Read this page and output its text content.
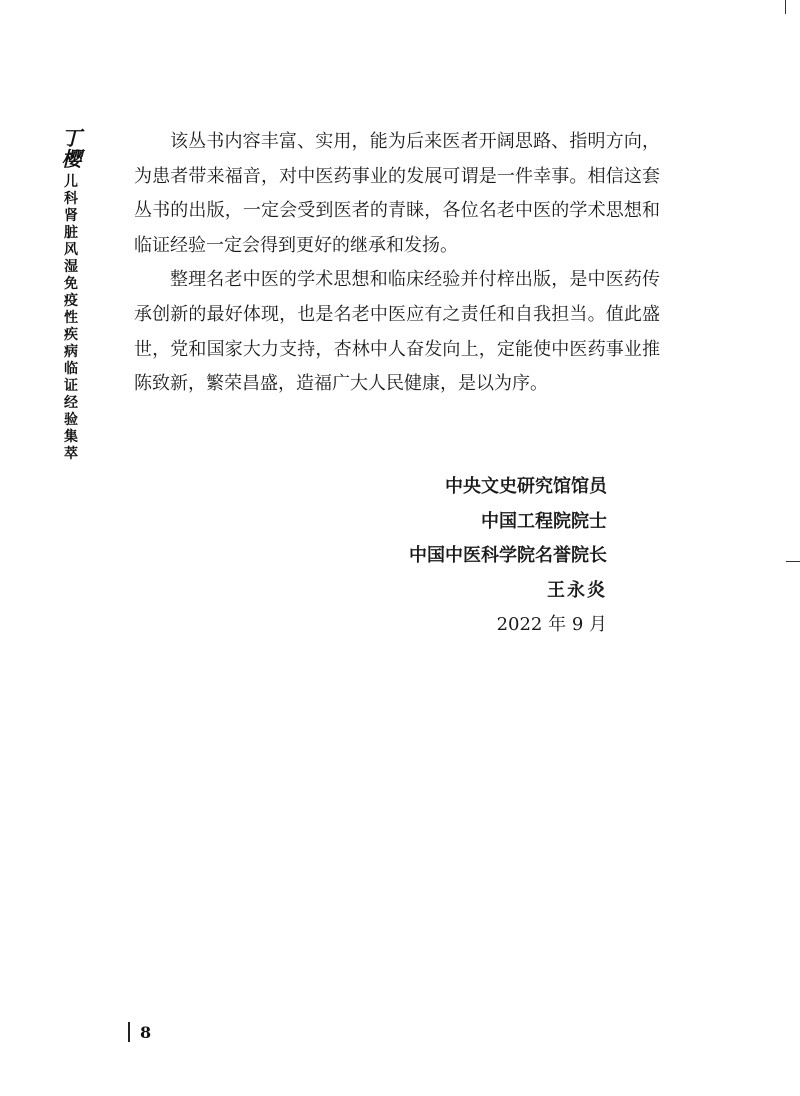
丁樱
儿科肾脏风湿免疫性疾病临证经验集萃

该丛书内容丰富、实用，能为后来医者开阔思路、指明方向，为患者带来福音，对中医药事业的发展可谓是一件幸事。相信这套丛书的出版，一定会受到医者的青睐，各位名老中医的学术思想和临证经验一定会得到更好的继承和发扬。

整理名老中医的学术思想和临床经验并付梓出版，是中医药传承创新的最好体现，也是名老中医应有之责任和自我担当。值此盛世，党和国家大力支持，杏林中人奋发向上，定能使中医药事业推陈致新，繁荣昌盛，造福广大人民健康，是以为序。

中央文史研究馆馆员
中国工程院院士
中国中医科学院名誉院长
王永炎
2022 年 9 月
8
